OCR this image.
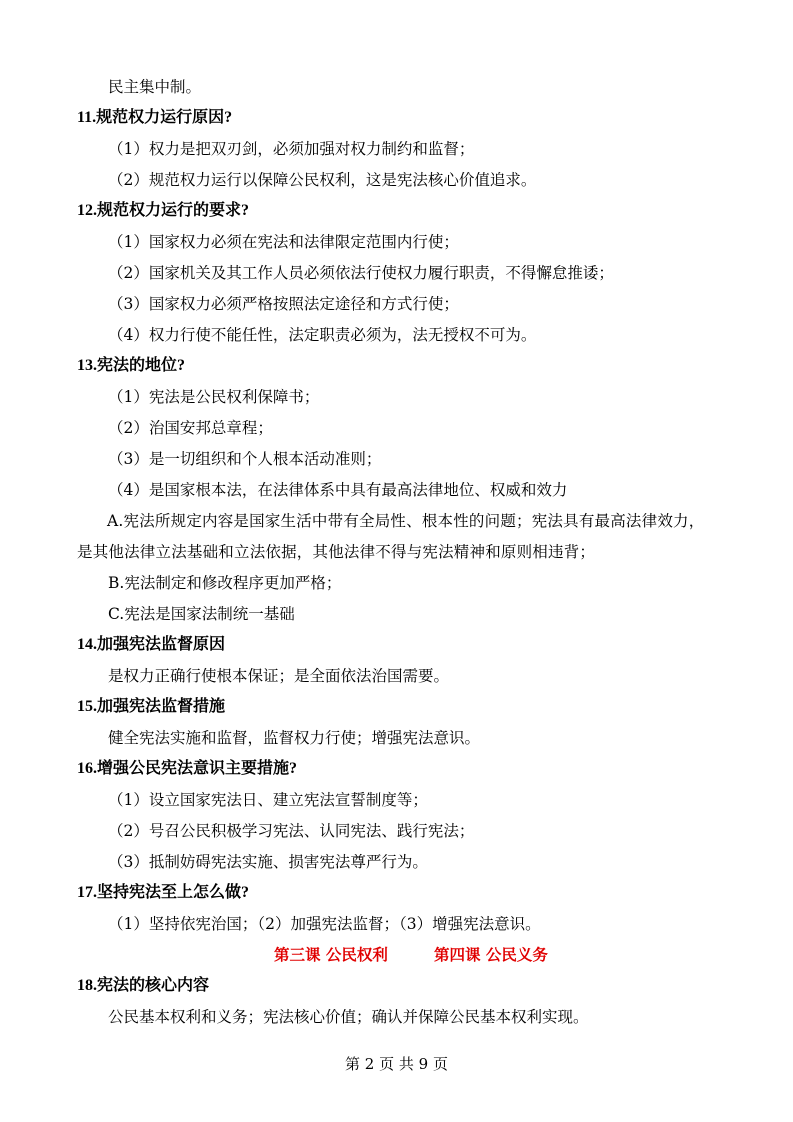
民主集中制。
11.规范权力运行原因?
（1）权力是把双刃剑，必须加强对权力制约和监督；
（2）规范权力运行以保障公民权利，这是宪法核心价值追求。
12.规范权力运行的要求?
（1）国家权力必须在宪法和法律限定范围内行使；
（2）国家机关及其工作人员必须依法行使权力履行职责，不得懈怠推诿；
（3）国家权力必须严格按照法定途径和方式行使；
（4）权力行使不能任性，法定职责必须为，法无授权不可为。
13.宪法的地位?
（1）宪法是公民权利保障书；
（2）治国安邦总章程；
（3）是一切组织和个人根本活动准则；
（4）是国家根本法，在法律体系中具有最高法律地位、权威和效力
A.宪法所规定内容是国家生活中带有全局性、根本性的问题；宪法具有最高法律效力，是其他法律立法基础和立法依据，其他法律不得与宪法精神和原则相违背；
B.宪法制定和修改程序更加严格；
C.宪法是国家法制统一基础
14.加强宪法监督原因
是权力正确行使根本保证；是全面依法治国需要。
15.加强宪法监督措施
健全宪法实施和监督，监督权力行使；增强宪法意识。
16.增强公民宪法意识主要措施?
（1）设立国家宪法日、建立宪法宣誓制度等；
（2）号召公民积极学习宪法、认同宪法、践行宪法；
（3）抵制妨碍宪法实施、损害宪法尊严行为。
17.坚持宪法至上怎么做?
（1）坚持依宪治国；（2）加强宪法监督；（3）增强宪法意识。
第三课 公民权利	第四课 公民义务
18.宪法的核心内容
公民基本权利和义务；宪法核心价值；确认并保障公民基本权利实现。
第 2 页 共 9 页
